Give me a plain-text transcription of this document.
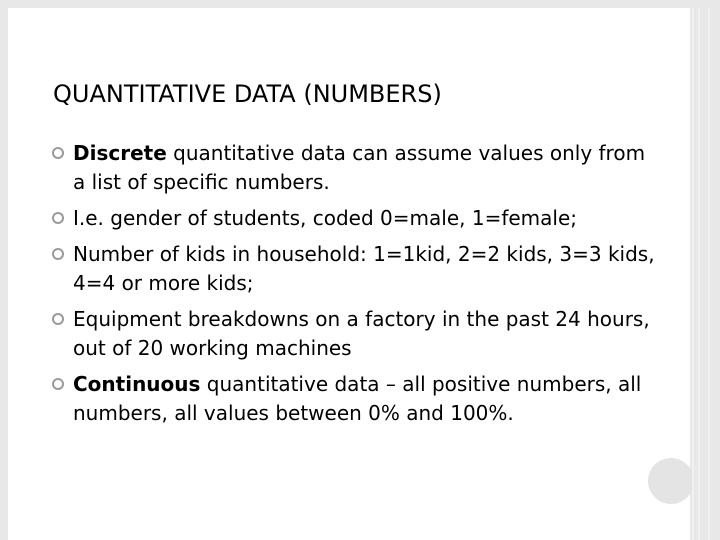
QUANTITATIVE DATA (NUMBERS)
Discrete quantitative data can assume values only from a list of specific numbers.
I.e. gender of students, coded 0=male, 1=female;
Number of kids in household: 1=1kid, 2=2 kids, 3=3 kids, 4=4 or more kids;
Equipment breakdowns on a factory in the past 24 hours, out of 20 working machines
Continuous quantitative data – all positive numbers, all numbers, all values between 0% and 100%.
